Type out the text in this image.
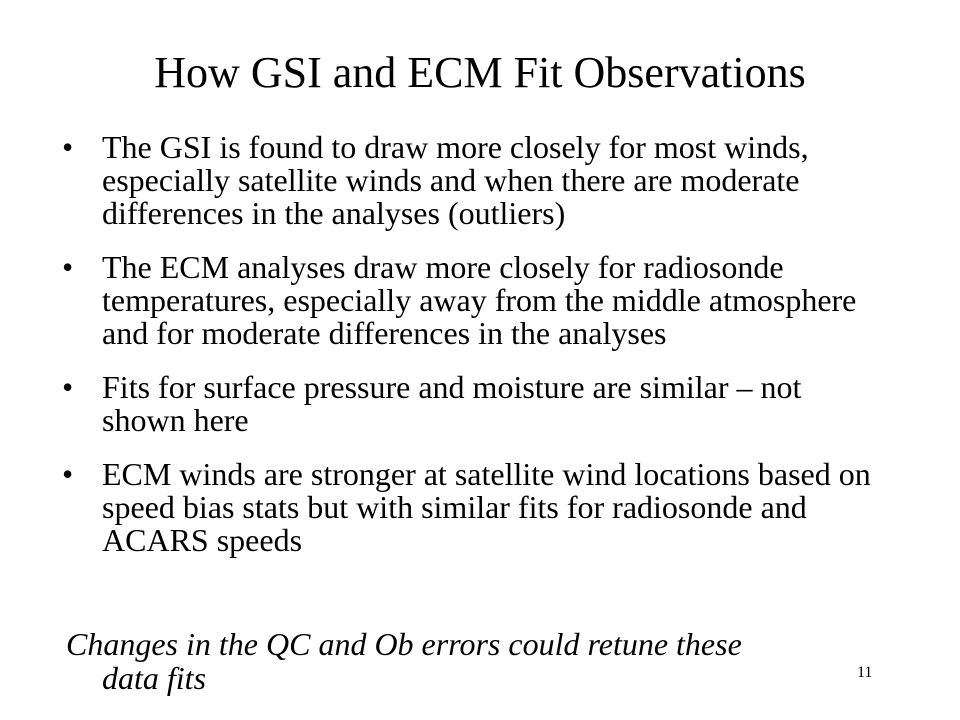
How GSI and ECM Fit Observations
• The GSI is found to draw more closely for most winds, especially satellite winds and when there are moderate differences in the analyses (outliers)
• The ECM analyses draw more closely for radiosonde temperatures, especially away from the middle atmosphere and for moderate differences in the analyses
• Fits for surface pressure and moisture are similar – not shown here
• ECM winds are stronger at satellite wind locations based on speed bias stats but with similar fits for radiosonde and ACARS speeds

Changes in the QC and Ob errors could retune these
data fits	11
